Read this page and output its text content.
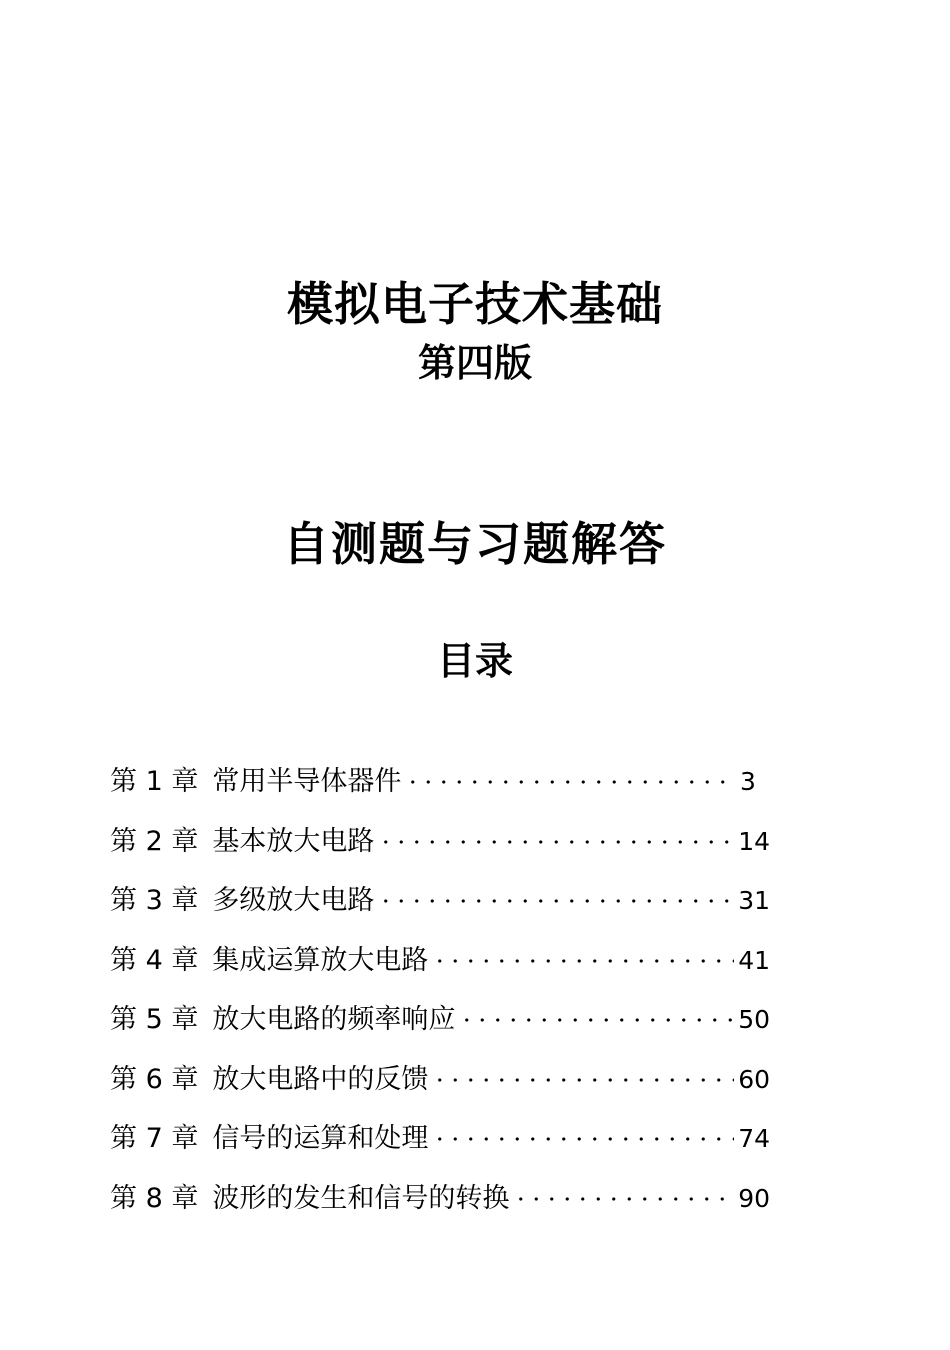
模拟电子技术基础
第四版
自测题与习题解答
目录
第 1 章 常用半导体器件	3
第 2 章 基本放大电路	14
第 3 章 多级放大电路	31
第 4 章 集成运算放大电路	41
第 5 章 放大电路的频率响应	50
第 6 章 放大电路中的反馈	60
第 7 章 信号的运算和处理	74
第 8 章 波形的发生和信号的转换	90
